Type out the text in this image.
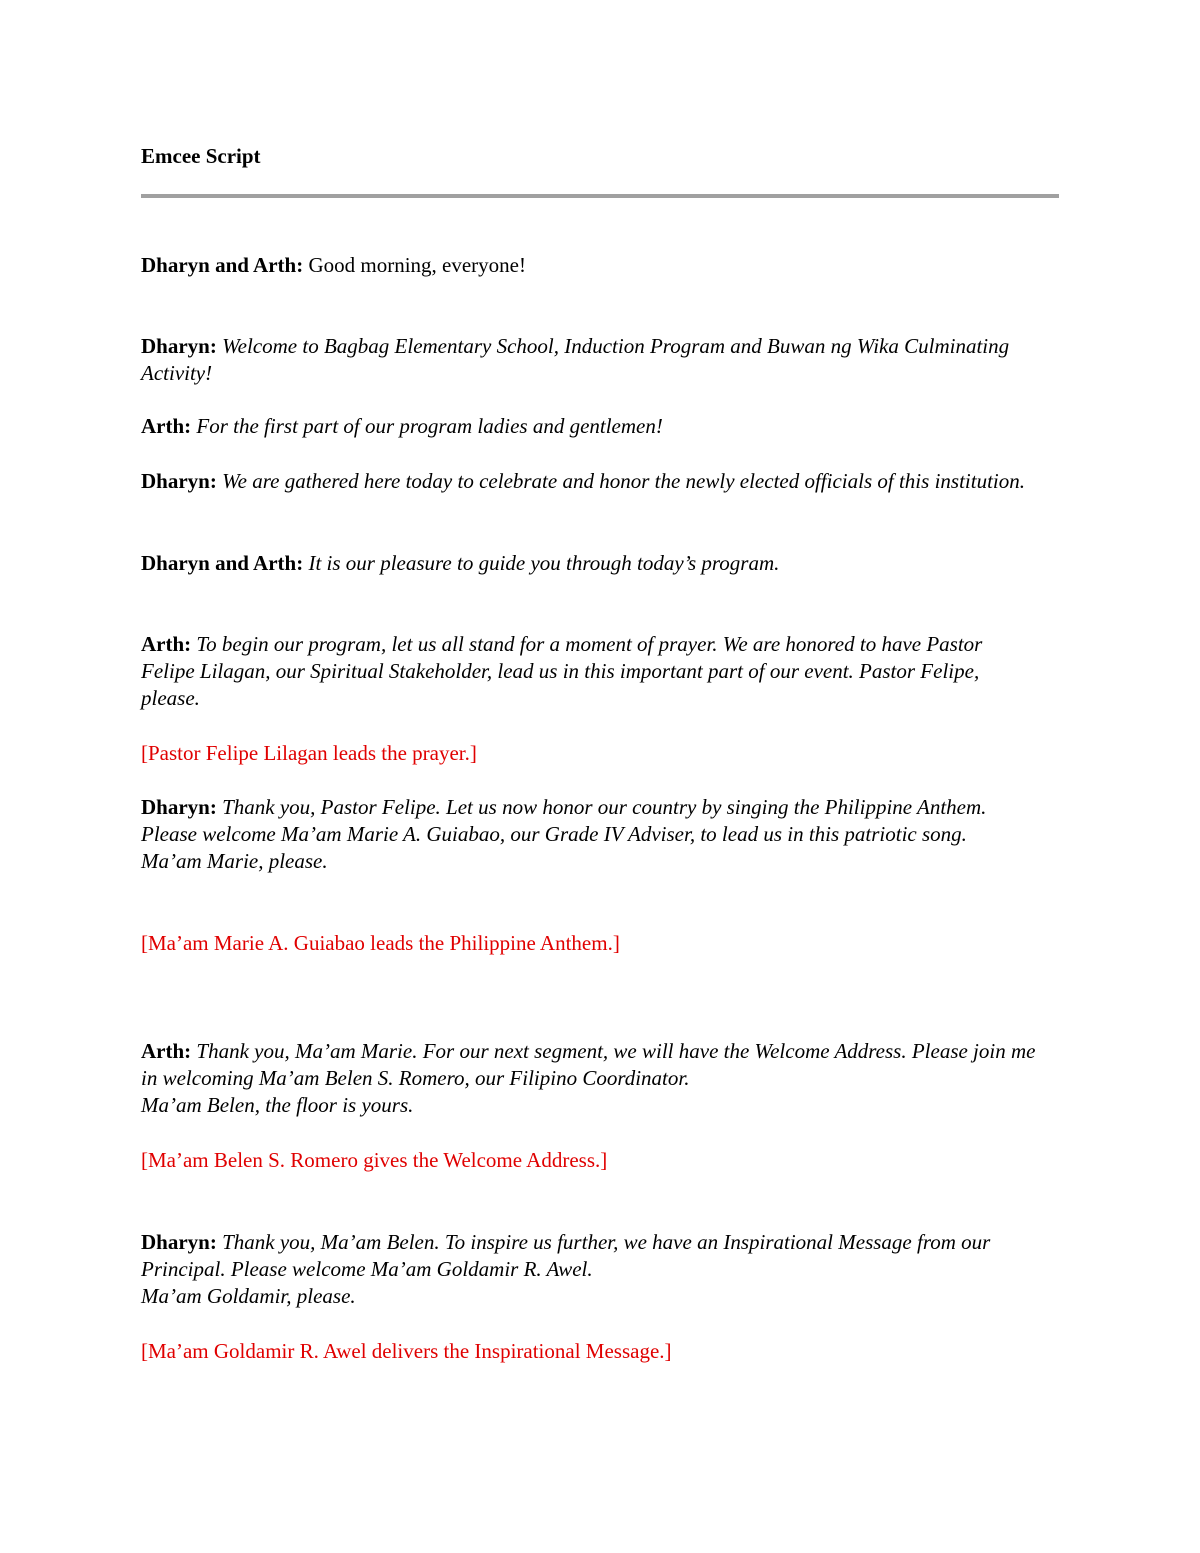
Emcee Script
Dharyn and Arth: Good morning, everyone!
Dharyn: Welcome to Bagbag Elementary School, Induction Program and Buwan ng Wika Culminating Activity!
Arth: For the first part of our program ladies and gentlemen!
Dharyn: We are gathered here today to celebrate and honor the newly elected officials of this institution.
Dharyn and Arth: It is our pleasure to guide you through today’s program.
Arth: To begin our program, let us all stand for a moment of prayer. We are honored to have Pastor Felipe Lilagan, our Spiritual Stakeholder, lead us in this important part of our event. Pastor Felipe, please.
[Pastor Felipe Lilagan leads the prayer.]
Dharyn: Thank you, Pastor Felipe. Let us now honor our country by singing the Philippine Anthem. Please welcome Ma’am Marie A. Guiabao, our Grade IV Adviser, to lead us in this patriotic song.
Ma’am Marie, please.
[Ma’am Marie A. Guiabao leads the Philippine Anthem.]
Arth: Thank you, Ma’am Marie. For our next segment, we will have the Welcome Address. Please join me in welcoming Ma’am Belen S. Romero, our Filipino Coordinator.
Ma’am Belen, the floor is yours.
[Ma’am Belen S. Romero gives the Welcome Address.]
Dharyn: Thank you, Ma’am Belen. To inspire us further, we have an Inspirational Message from our Principal. Please welcome Ma’am Goldamir R. Awel.
Ma’am Goldamir, please.
[Ma’am Goldamir R. Awel delivers the Inspirational Message.]
